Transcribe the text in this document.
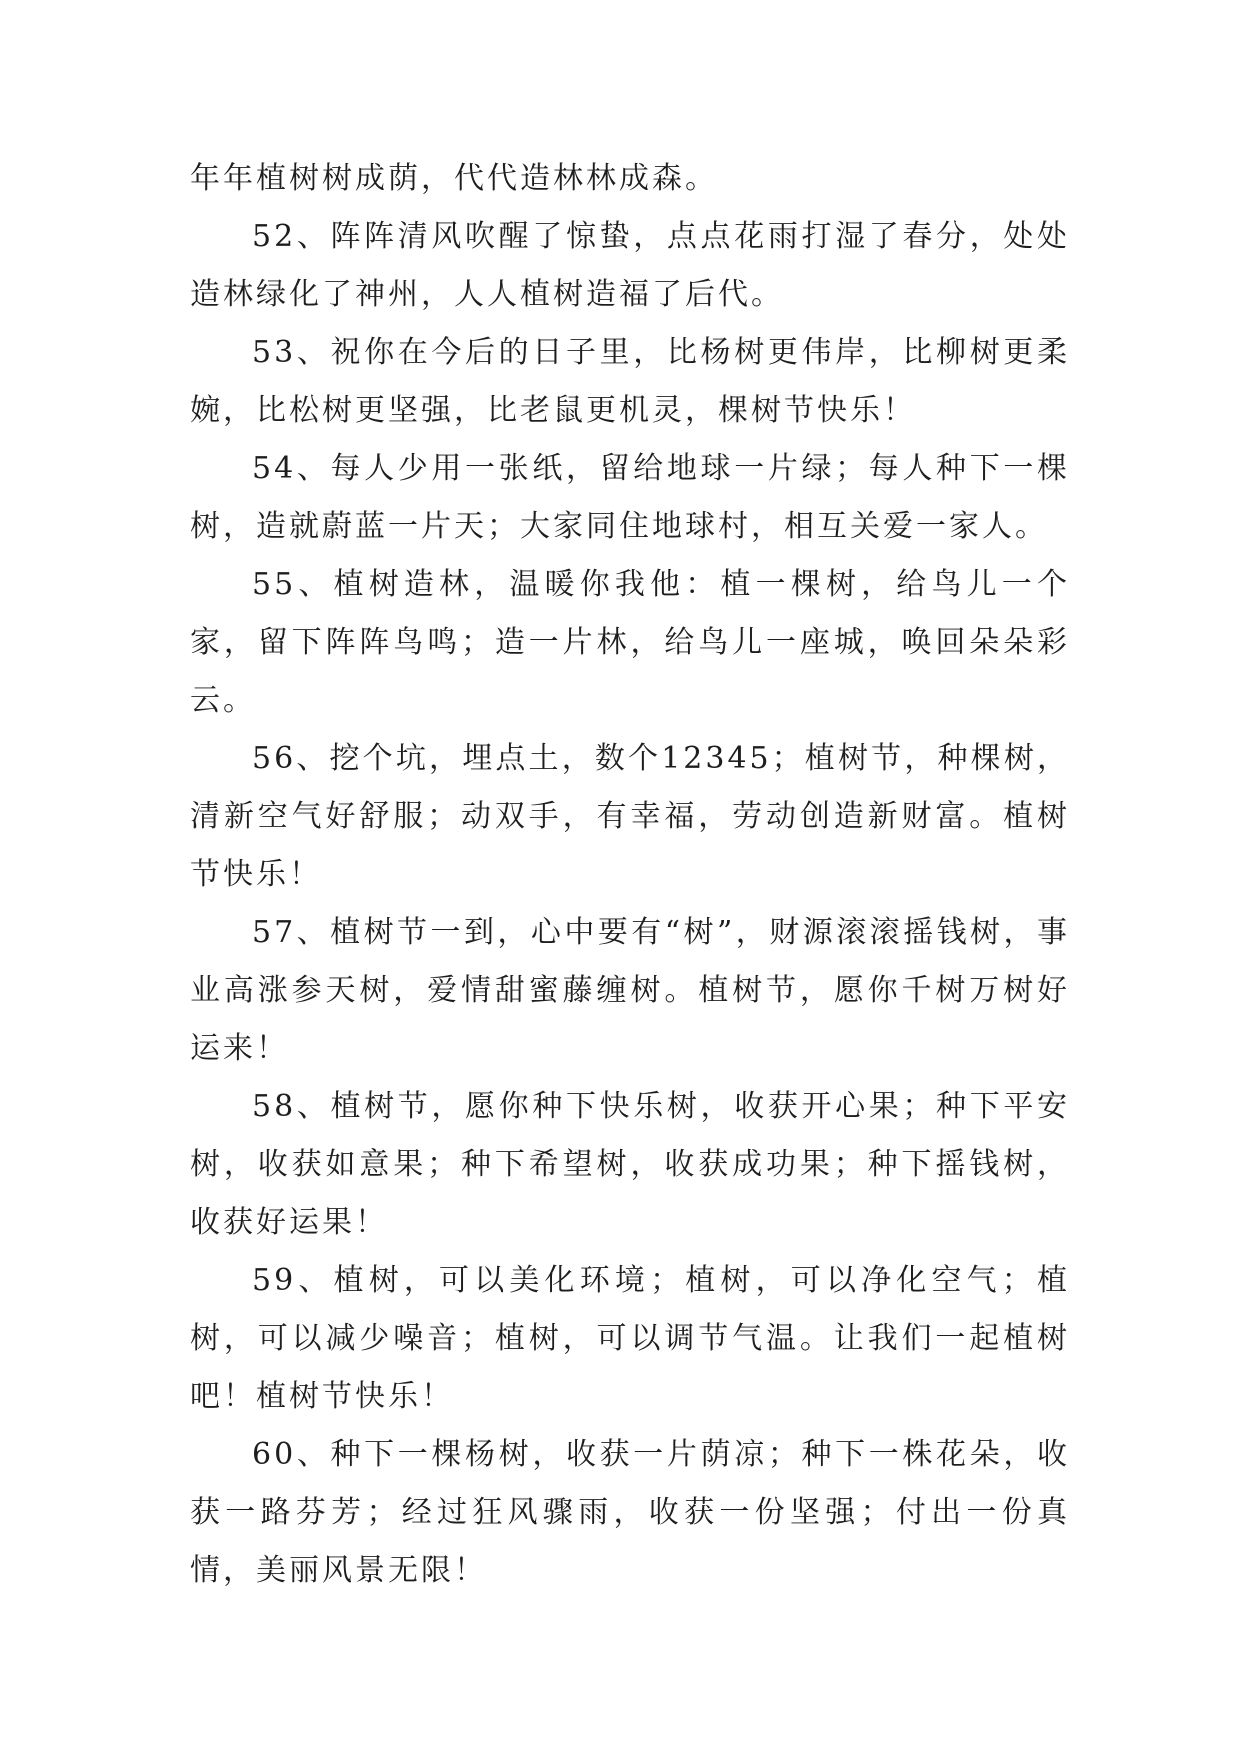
年年植树树成荫，代代造林林成森。

52、阵阵清风吹醒了惊蛰，点点花雨打湿了春分，处处造林绿化了神州，人人植树造福了后代。

53、祝你在今后的日子里，比杨树更伟岸，比柳树更柔婉，比松树更坚强，比老鼠更机灵，棵树节快乐！

54、每人少用一张纸，留给地球一片绿；每人种下一棵树，造就蔚蓝一片天；大家同住地球村，相互关爱一家人。

55、植树造林，温暖你我他：植一棵树，给鸟儿一个家，留下阵阵鸟鸣；造一片林，给鸟儿一座城，唤回朵朵彩云。

56、挖个坑，埋点土，数个12345；植树节，种棵树，清新空气好舒服；动双手，有幸福，劳动创造新财富。植树节快乐！

57、植树节一到，心中要有“树”，财源滚滚摇钱树，事业高涨参天树，爱情甜蜜藤缠树。植树节，愿你千树万树好运来！

58、植树节，愿你种下快乐树，收获开心果；种下平安树，收获如意果；种下希望树，收获成功果；种下摇钱树，收获好运果！

59、植树，可以美化环境；植树，可以净化空气；植树，可以减少噪音；植树，可以调节气温。让我们一起植树吧！植树节快乐！

60、种下一棵杨树，收获一片荫凉；种下一株花朵，收获一路芬芳；经过狂风骤雨，收获一份坚强；付出一份真情，美丽风景无限！
